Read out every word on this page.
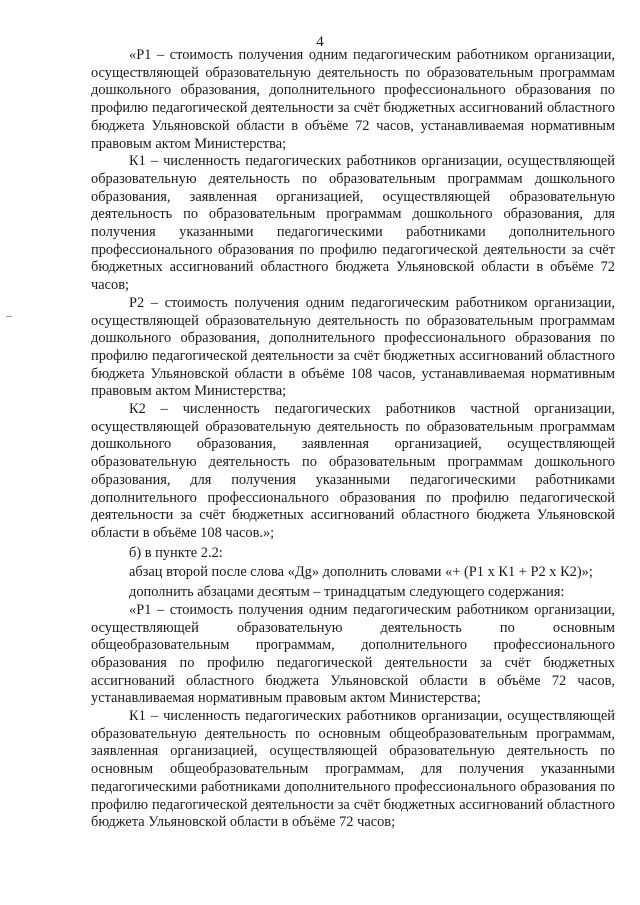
4

«Р1 – стоимость получения одним педагогическим работником организации, осуществляющей образовательную деятельность по образовательным программам дошкольного образования, дополнительного профессионального образования по профилю педагогической деятельности за счёт бюджетных ассигнований областного бюджета Ульяновской области в объёме 72 часов, устанавливаемая нормативным правовым актом Министерства;

К1 – численность педагогических работников организации, осуществляющей образовательную деятельность по образовательным программам дошкольного образования, заявленная организацией, осуществляющей образовательную деятельность по образовательным программам дошкольного образования, для получения указанными педагогическими работниками дополнительного профессионального образования по профилю педагогической деятельности за счёт бюджетных ассигнований областного бюджета Ульяновской области в объёме 72 часов;

Р2 – стоимость получения одним педагогическим работником организации, осуществляющей образовательную деятельность по образовательным программам дошкольного образования, дополнительного профессионального образования по профилю педагогической деятельности за счёт бюджетных ассигнований областного бюджета Ульяновской области в объёме 108 часов, устанавливаемая нормативным правовым актом Министерства;

К2 – численность педагогических работников частной организации, осуществляющей образовательную деятельность по образовательным программам дошкольного образования, заявленная организацией, осуществляющей образовательную деятельность по образовательным программам дошкольного образования, для получения указанными педагогическими работниками дополнительного профессионального образования по профилю педагогической деятельности за счёт бюджетных ассигнований областного бюджета Ульяновской области в объёме 108 часов.»;

б) в пункте 2.2:

абзац второй после слова «Дg» дополнить словами «+ (Р1 х К1 + Р2 х К2)»;

дополнить абзацами десятым – тринадцатым следующего содержания:

«Р1 – стоимость получения одним педагогическим работником организации, осуществляющей образовательную деятельность по основным общеобразовательным программам, дополнительного профессионального образования по профилю педагогической деятельности за счёт бюджетных ассигнований областного бюджета Ульяновской области в объёме 72 часов, устанавливаемая нормативным правовым актом Министерства;

К1 – численность педагогических работников организации, осуществляющей образовательную деятельность по основным общеобразовательным программам, заявленная организацией, осуществляющей образовательную деятельность по основным общеобразовательным программам, для получения указанными педагогическими работниками дополнительного профессионального образования по профилю педагогической деятельности за счёт бюджетных ассигнований областного бюджета Ульяновской области в объёме 72 часов;
